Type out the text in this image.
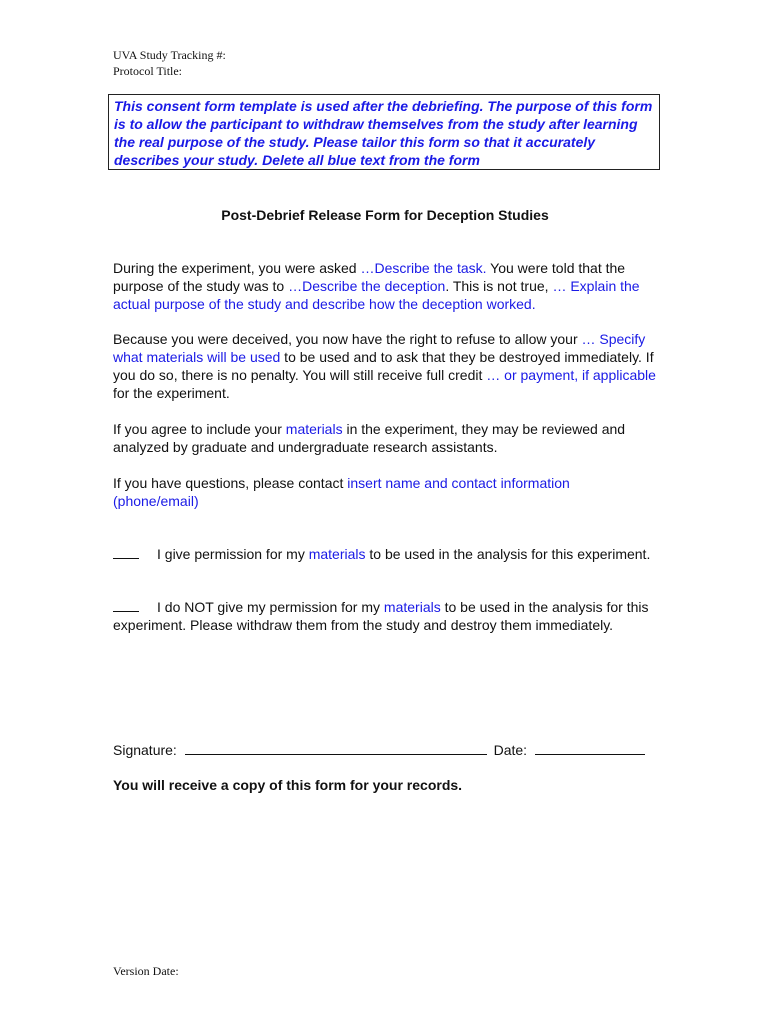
UVA Study Tracking #:
Protocol Title:
This consent form template is used after the debriefing. The purpose of this form is to allow the participant to withdraw themselves from the study after learning the real purpose of the study. Please tailor this form so that it accurately describes your study. Delete all blue text from the form
Post-Debrief Release Form for Deception Studies
During the experiment, you were asked …Describe the task. You were told that the purpose of the study was to …Describe the deception. This is not true, … Explain the actual purpose of the study and describe how the deception worked.
Because you were deceived, you now have the right to refuse to allow your … Specify what materials will be used to be used and to ask that they be destroyed immediately. If you do so, there is no penalty. You will still receive full credit … or payment, if applicable for the experiment.
If you agree to include your materials in the experiment, they may be reviewed and analyzed by graduate and undergraduate research assistants.
If you have questions, please contact insert name and contact information (phone/email)
I give permission for my materials to be used in the analysis for this experiment.
I do NOT give my permission for my materials to be used in the analysis for this experiment. Please withdraw them from the study and destroy them immediately.
Signature:	Date:
You will receive a copy of this form for your records.
Version Date:
